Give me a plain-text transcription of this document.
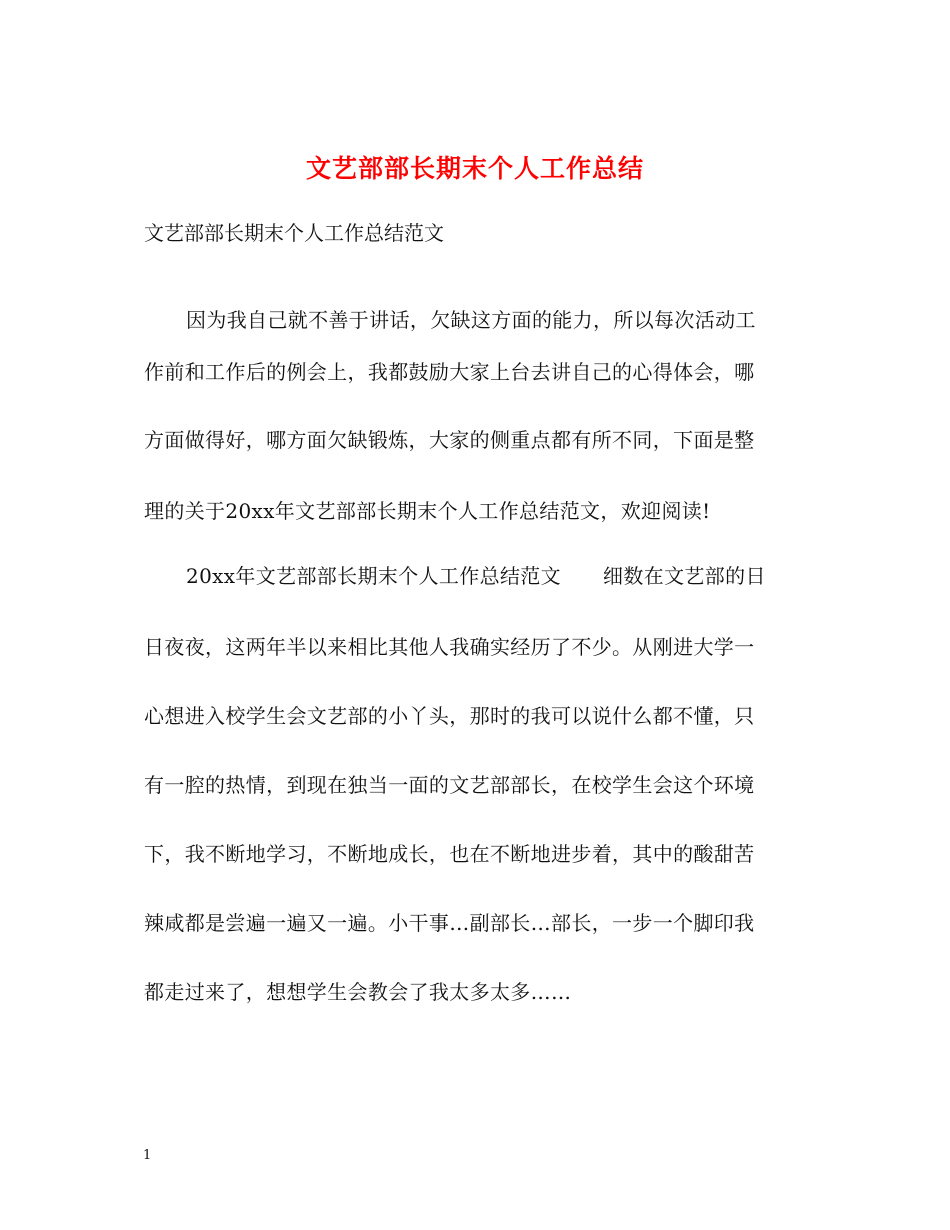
文艺部部长期末个人工作总结
文艺部部长期末个人工作总结范文
因为我自己就不善于讲话，欠缺这方面的能力，所以每次活动工
作前和工作后的例会上，我都鼓励大家上台去讲自己的心得体会，哪
方面做得好，哪方面欠缺锻炼，大家的侧重点都有所不同，下面是整
理的关于20xx年文艺部部长期末个人工作总结范文，欢迎阅读!
20xx年文艺部部长期末个人工作总结范文 细数在文艺部的日
日夜夜，这两年半以来相比其他人我确实经历了不少。从刚进大学一
心想进入校学生会文艺部的小丫头，那时的我可以说什么都不懂，只
有一腔的热情，到现在独当一面的文艺部部长，在校学生会这个环境
下，我不断地学习，不断地成长，也在不断地进步着，其中的酸甜苦
辣咸都是尝遍一遍又一遍。小干事…副部长…部长，一步一个脚印我
都走过来了，想想学生会教会了我太多太多……
1
